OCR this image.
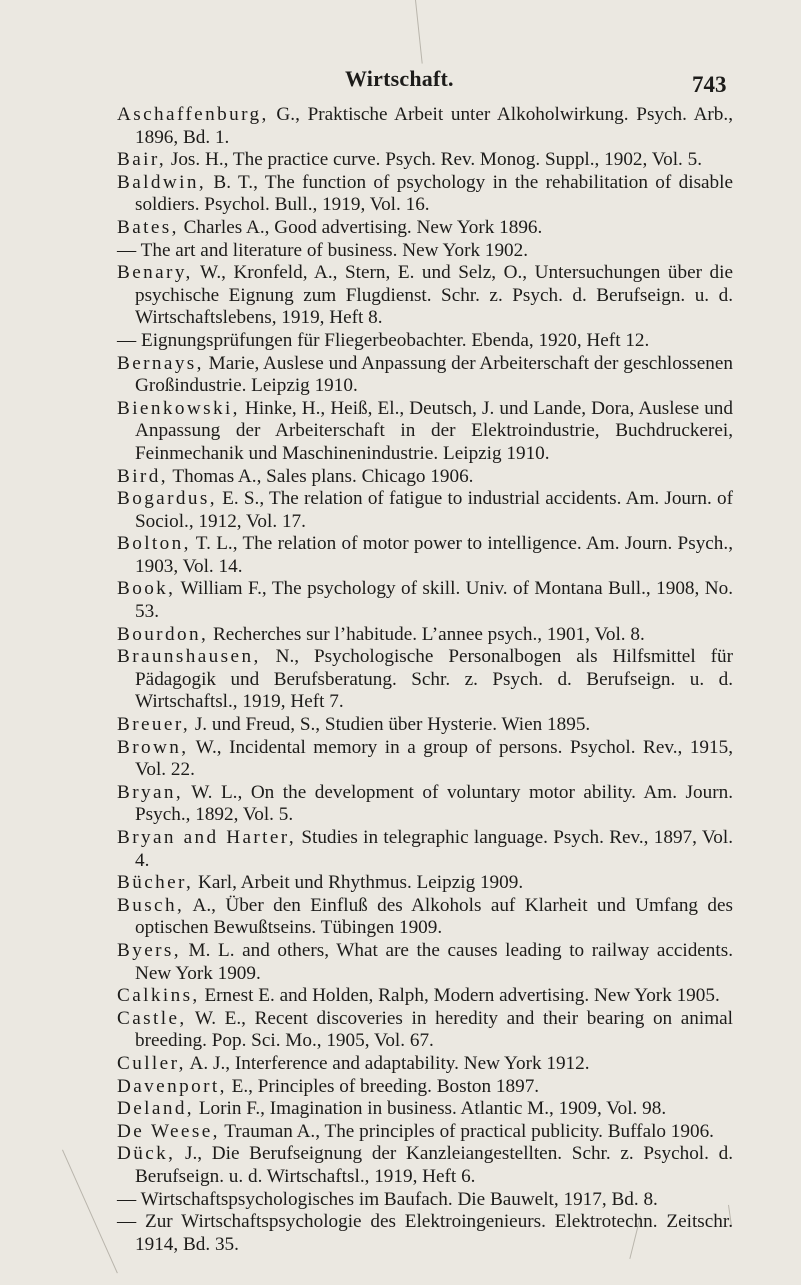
Wirtschaft.	743
Aschaffenburg, G., Praktische Arbeit unter Alkoholwirkung. Psych. Arb., 1896, Bd. 1.
Bair, Jos. H., The practice curve. Psych. Rev. Monog. Suppl., 1902, Vol. 5.
Baldwin, B. T., The function of psychology in the rehabilitation of disable soldiers. Psychol. Bull., 1919, Vol. 16.
Bates, Charles A., Good advertising. New York 1896.
— The art and literature of business. New York 1902.
Benary, W., Kronfeld, A., Stern, E. und Selz, O., Untersuchungen über die psychische Eignung zum Flugdienst. Schr. z. Psych. d. Berufseign. u. d. Wirtschaftslebens, 1919, Heft 8.
— Eignungsprüfungen für Fliegerbeobachter. Ebenda, 1920, Heft 12.
Bernays, Marie, Auslese und Anpassung der Arbeiterschaft der geschlossenen Großindustrie. Leipzig 1910.
Bienkowski, Hinke, H., Heiß, El., Deutsch, J. und Lande, Dora, Auslese und Anpassung der Arbeiterschaft in der Elektroindustrie, Buchdruckerei, Feinmechanik und Maschinenindustrie. Leipzig 1910.
Bird, Thomas A., Sales plans. Chicago 1906.
Bogardus, E. S., The relation of fatigue to industrial accidents. Am. Journ. of Sociol., 1912, Vol. 17.
Bolton, T. L., The relation of motor power to intelligence. Am. Journ. Psych., 1903, Vol. 14.
Book, William F., The psychology of skill. Univ. of Montana Bull., 1908, No. 53.
Bourdon, Recherches sur l’habitude. L’annee psych., 1901, Vol. 8.
Braunshausen, N., Psychologische Personalbogen als Hilfsmittel für Pädagogik und Berufsberatung. Schr. z. Psych. d. Berufseign. u. d. Wirtschaftsl., 1919, Heft 7.
Breuer, J. und Freud, S., Studien über Hysterie. Wien 1895.
Brown, W., Incidental memory in a group of persons. Psychol. Rev., 1915, Vol. 22.
Bryan, W. L., On the development of voluntary motor ability. Am. Journ. Psych., 1892, Vol. 5.
Bryan and Harter, Studies in telegraphic language. Psych. Rev., 1897, Vol. 4.
Bücher, Karl, Arbeit und Rhythmus. Leipzig 1909.
Busch, A., Über den Einfluß des Alkohols auf Klarheit und Umfang des optischen Bewußtseins. Tübingen 1909.
Byers, M. L. and others, What are the causes leading to railway accidents. New York 1909.
Calkins, Ernest E. and Holden, Ralph, Modern advertising. New York 1905.
Castle, W. E., Recent discoveries in heredity and their bearing on animal breeding. Pop. Sci. Mo., 1905, Vol. 67.
Culler, A. J., Interference and adaptability. New York 1912.
Davenport, E., Principles of breeding. Boston 1897.
Deland, Lorin F., Imagination in business. Atlantic M., 1909, Vol. 98.
De Weese, Trauman A., The principles of practical publicity. Buffalo 1906.
Dück, J., Die Berufseignung der Kanzleiangestellten. Schr. z. Psychol. d. Berufseign. u. d. Wirtschaftsl., 1919, Heft 6.
— Wirtschaftspsychologisches im Baufach. Die Bauwelt, 1917, Bd. 8.
— Zur Wirtschaftspsychologie des Elektroingenieurs. Elektrotechn. Zeitschr. 1914, Bd. 35.
